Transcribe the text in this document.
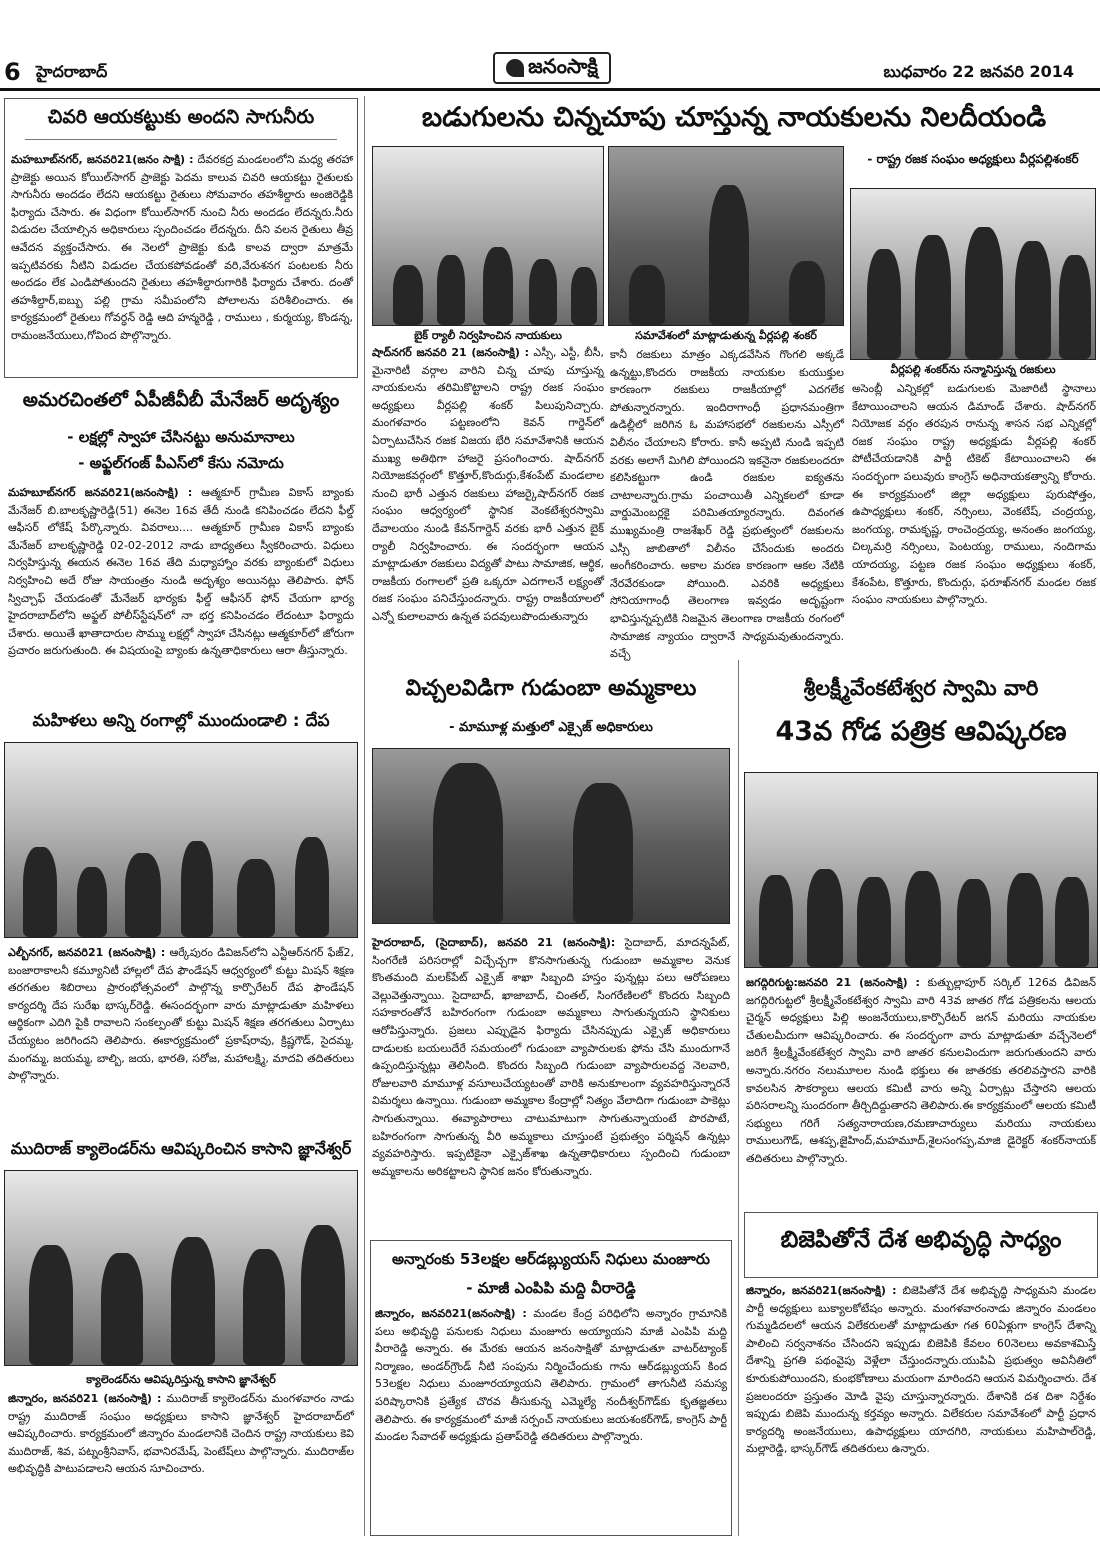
6 హైదరాబాద్	జనంసాక్షి	బుధవారం 22 జనవరి 2014
చివరి ఆయకట్టుకు అందని సాగునీరు
మహబూబ్‌నగర్, జనవరి21(జనం సాక్షి) : దేవరకద్ర మండలంలోని మధ్య తరహా ప్రాజెక్టు అయిన కోయిల్‌సాగర్ ప్రాజెక్టు పెదమ కాలువ చివరి ఆయకట్టు రైతులకు సాగునీరు అందడం లేదని ఆయకట్టు రైతులు సోమవారం తహశీల్దారు అంజిరెడ్డికి ఫిర్యాదు చేసారు. ఈ విధంగా కోయిల్‌సాగర్ నుంచి నీరు అందడం లేదన్నరు.నీరు విడుదల చేయాల్సిన అధికారులు స్పందించడం లేదన్నరు. దీని వలన రైతులు తీవ్ర ఆవేదన వ్యక్తంచేసారు. ఈ నెలలో ప్రాజెక్టు కుడి కాలవ ద్వారా మాత్రమే ఇప్పటివరకు నీటిని విడుదల చేయకపోవడంతో వరి,వేరుశనగ పంటలకు నీరు అందడం లేక ఎండిపోతుందని రైతులు తహశీల్దారుగారికి ఫిర్యాదు చేశారు. దంతో తహశీల్దార్,ఐబ్బు పల్లి గ్రామ సమీపంలోని పోలాలను పరిశీలించారు. ఈ కార్యక్రమంలో రైతులు గోవర్ధన్ రెడ్డి ఆది హన్మరెడ్డి , రాములు , కుర్మయ్య, కొండన్న, రామంజనేయులు,గోవింద పొల్గొన్నారు.
అమరచింతలో ఏపీజీవీబీ మేనేజర్ అదృశ్యం
- లక్షల్లో స్వాహా చేసినట్టు అనుమానాలు
- అఫ్జల్‌గంజ్ పీఎస్‌లో కేసు నమోదు
మహబూబ్‌నగర్ జనవరి21(జనంసాక్షి) : ఆత్మకూర్ గ్రామీణ వికాస్ బ్యాంకు మేనేజర్ బి.బాలకృష్ణారెడ్డి(51) ఈనెల 16వ తేదీ నుండి కనిపించడం లేదని ఫీల్డ్ ఆఫీసర్ లోకేష్ పేర్కొన్నారు. వివరాలు.... ఆత్మకూర్ గ్రామీణ వికాస్ బ్యాంకు మేనేజర్ బాలకృష్ణారెడ్డి 02-02-2012 నాడు బాధ్యతలు స్వీకరించారు. విధులు నిర్వహిస్తున్న ఈయన ఈనెల 16వ తేది మధ్యాహ్నాం వరకు బ్యాంకులో విధులు నిర్వహించి అదే రోజు సాయంత్రం నుండి అదృశ్యం అయినట్లు తెలిపారు. ఫోన్ స్విచ్చాఫ్ చేయడంతో మేనేజర్ భార్యకు ఫీల్డ్ ఆఫీసర్ ఫోన్ చేయగా భార్య హైదరాబాద్‌లోని అఫ్జల్ పోలీస్‌స్టేషన్‌లో నా భర్త కనిపించడం లేదంటూ ఫిర్యాదు చేశారు. అయితే ఖాతాదారుల సొమ్ము లక్షల్లో స్వాహా చేసినట్లు ఆత్మకూర్‌లో జోరుగా ప్రచారం జరుగుతుంది. ఈ విషయంపై బ్యాంకు ఉన్నతాధికారులు ఆరా తీస్తున్నారు.
మహిళలు అన్ని రంగాల్లో ముందుండాలి : దేప
ఎల్బీనగర్, జనవరి21 (జనంసాక్షి) : ఆర్కేపురం డివిజన్‌లోని ఎన్టీఆర్‌నగర్ ఫేజ్2, బంజారాకాలనీ కమ్యూనిటీ హాల్లలో దేప ఫౌండేషన్ ఆధ్వర్యంలో కుట్టు మిషన్ శిక్షణ తరగతుల శిబిరాలు ప్రారంభోత్సవంలో పాల్గొన్న కార్పొరేటర్ దేప ఫౌండేషన్ కార్యదర్శి దేప సురేఖ భాస్కర్‌రెడ్డి. ఈసందర్భంగా వారు మాట్లాడుతూ మహిళలు ఆర్థికంగా ఎదిగి పైకి రావాలని సంకల్పంతో కుట్టు మిషన్ శిక్షణ తరగతులు ఏర్పాటు చేయ్యటం జరిగిందని తెలిపారు. ఈకార్యక్రమంలో ప్రకాష్‌రావు, క్రిష్ణగౌడ్, సైదమ్మ, మంగమ్మ, జయమ్మ, బాల్బి, జయ, భారతి, సరోజ, మహాలక్ష్మి, మాదవి తదితరులు పాల్గొన్నారు.
ముదిరాజ్ క్యాలెండర్‌ను ఆవిష్కరించిన కాసాని జ్ఞానేశ్వర్
క్యాలెండర్‌ను ఆవిష్కరిస్తున్న కాసాని జ్ఞానేశ్వర్
జిన్నారం, జనవరి21 (జనంసాక్షి) : ముదిరాజ్ క్యాలెండర్‌ను మంగళవారం నాడు రాష్ట్ర ముదిరాజ్ సంఘం అధ్యక్షులు కాసాని జ్ఞానేశ్వర్ హైదరాబాద్‌లో ఆవిష్కరించారు. కార్యక్రమంలో జిన్నారం మండలానికి చెందిన రాష్ట్ర నాయకులు కెవి ముదిరాజ్, శివ, పట్నంశ్రీనివాస్, భవానిరమేష్, పెంటేష్‌లు పాల్గొన్నారు. ముదిరాజ్‌ల అభివృద్ధికి పాటుపడాలని ఆయన సూచించారు.
బడుగులను చిన్నచూపు చూస్తున్న నాయకులను నిలదీయండి
- రాష్ట్ర రజక సంఘం అధ్యక్షులు వీర్లపల్లిశంకర్
బైక్ ర్యాలీ నిర్వహించిన నాయకులు	సమావేశంలో మాట్లాడుతున్న వీర్లపల్లి శంకర్
వీర్లపల్లి శంకర్‌ను సన్మానిస్తున్న రజకులు
షాద్‌నగర్ జనవరి 21 (జనంసాక్షి) : ఎస్సీ, ఎస్టీ, బీసీ, మైనారిటీ వర్గాల వారిని చిన్న చూపు చూస్తున్న నాయకులను తరిమికొట్టాలని రాష్ట్ర రజక సంఘం అధ్యక్షులు వీర్లపల్లి శంకర్ పిలుపునిచ్చారు. మంగళవారం పట్టణంలోని కెవన్ గార్డెన్‌లో ఏర్పాటుచేసిన రజక విజయ భేరి సమావేశానికి ఆయన ముఖ్య అతిథిగా హాజరై ప్రసంగించారు. షాద్‌నగర్ నియోజకవర్గంలో కొత్తూర్,కొందుర్గు,కేశంపేట్ మండలాల నుంచి భారీ ఎత్తున రజకులు హాజర్కైషాద్‌నగర్ రజక సంఘం ఆధ్వర్యంలో స్థానిక వెంకటేశ్వరస్వామి దేవాలయం నుండి కేవన్‌గార్డెన్ వరకు భారీ ఎత్తున బైక్ ర్యాలీ నిర్వహించారు. ఈ సందర్భంగా ఆయన మాట్లాడుతూ రజకులు విద్యతో పాటు సామాజిక, ఆర్థిక, రాజకీయ రంగాలలో ప్రతి ఒక్కరూ ఎదగాలనే లక్ష్యంతో రజక సంఘం పనిచేస్తుందన్నారు. రాష్ట్ర రాజకీయాలలో ఎన్నో కులాలవారు ఉన్నత పదవులుపొందుతున్నారు
కానీ రజకులు మాత్రం ఎక్కడవేసిన గొంగలి అక్కడే ఉన్నట్టు,కొందరు రాజకీయ నాయకుల కుయుక్తుల కారణంగా రజకులు రాజకీయాల్లో ఎదగలేక పోతున్నారన్నారు. ఇందిరాగాంధీ ప్రధానమంత్రిగా ఉడిల్లీలో జరిగిన ఓ మహాసభలో రజకులను ఎస్సీలో విలీనం చేయాలని కోరారు. కానీ అప్పటి నుండి ఇప్పటి వరకు అలాగే మిగిలి పోయిందని ఇకనైనా రజకులందరూ కలిసికట్టుగా ఉండి రజకుల ఐక్యతను చాటాలన్నారు.గ్రామ పంచాయితీ ఎన్నికలలో కూడా వార్డుమెంబర్లకై పరిమితయ్యారన్నారు. దివంగత ముఖ్యమంత్రి రాజశేఖర్ రెడ్డి ప్రభుత్వంలో రజకులను ఎస్సీ జాబితాలో విలీనం చేసేందుకు అందరు అంగీకరించారు. అకాల మరణ కారణంగా ఆకల నేటికి నేరవేరకుండా పోయింది. ఎవరికి అధ్యక్షులు సోనియాగాంధీ తెలంగాణ ఇవ్వడం అదృష్టంగా భావిస్తున్నప్పటికి నిజమైన తెలంగాణ రాజకీయ రంగంలో సామాజిక న్యాయం ద్వారానే సాధ్యమవుతుందన్నారు. వచ్చే
అసెంబ్లీ ఎన్నికల్లో బడుగులకు మెజారిటీ స్థానాలు కేటాయించాలని ఆయన డిమాండ్ చేశారు. షాద్‌నగర్ నియోజక వర్గం తరపున రానున్న శాసన సభ ఎన్నికల్లో రజక సంఘం రాష్ట్ర అధ్యక్షుడు వీర్లపల్లి శంకర్ పోటీచేయడానికి పార్టీ టికెట్ కేటాయించాలని ఈ సందర్భంగా పలువురు కాంగ్రెస్ అధినాయకత్వాన్ని కోరారు. ఈ కార్యక్రమంలో జిల్లా అధ్యక్షులు పురుషోత్తం, ఉపాధ్యక్షులు శంకర్, నర్సింలు, వెంకటేష్, చంద్రయ్య, జంగయ్య, రామకృష్ణ, రాంచెంద్రయ్య, అనంతం జంగయ్య, చిల్కమర్రి నర్సింలు, పెంటయ్య, రాములు, నందిగామ యాదయ్య, పట్టణ రజక సంఘం అధ్యక్షులు శంకర్, కేశంపేట, కొత్తూరు, కొందుర్గు, ఫరూఖ్‌నగర్ మండల రజక సంఘం నాయకులు పాల్గొన్నారు.
విచ్చలవిడిగా గుడుంబా అమ్మకాలు
- మామూళ్ల మత్తులో ఎక్సైజ్ అధికారులు
హైదరాబాద్, (సైదాబాద్), జనవరి 21 (జనంసాక్షి): సైదాబాద్, మాదన్నపేట్, సింగరేణి పరిసరాల్లో విచ్చేచ్చగా కొనసాగుతున్న గుడుంబా అమ్మకాల వెనుక కొంతమంది మలక్‌పేట్ ఎక్సైజ్ శాఖా సిబ్బంది హస్తం పున్నట్లు పలు ఆరోపణలు వెల్లువెత్తున్నాయి. సైదాబాద్, ఖాజాబాద్, చింతల్, సింగరేణిలలో కొందరు సిబ్బంది సహకారంతోనే బహిరంగంగా గుడుంబా అమ్మకాలు సాగుతున్నయని స్థానికులు ఆరోపిస్తున్నారు. ప్రజలు ఎప్పుడైన ఫిర్యాదు చేసినప్పుడు ఎక్సైజ్ అధికారులు దాడులకు బయలుదేరే సమయంలో గుడుంబా వ్యాపారులకు ఫోను చేసి ముందుగానే ఉప్పందిస్తున్నట్లు తెలిసింది. కొందరు సిబ్బంది గుడుంబా వ్యాపారులవద్ద నెలవారి, రోజులవారి మామూళ్ల వసూలుచేయ్యటంతో వారికి అనుకూలంగా వ్యవహరిస్తున్నారనే విమర్శలు ఉన్నాయి. గుడుంబా అమ్మకాల కేంద్రాల్లో నిత్యం వేలాదిగా గుడుంబా పాకెట్లు సాగుతున్నాయి. ఈవ్యాపారాలు చాటుమాటుగా సాగుతున్నాయంటే పొరపాటే, బహిరంగంగా సాగుతున్న వీరి అమ్మకాలు చూస్తుంటే ప్రభుత్వం పర్మిషన్ ఉన్నట్లు వ్యవహరిస్తారు. ఇప్పటికైనా ఎక్సైజ్‌శాఖ ఉన్నతాధికారులు స్పందించి గుడుంబా అమ్మకాలను అరికట్టాలని స్థానిక జనం కోరుతున్నారు.
అన్నారంకు 53లక్షల ఆర్‌డబ్ల్యుయస్ నిధులు మంజూరు
- మాజీ ఎంపిపి మద్ది వీరారెడ్డి
జిన్నారం, జనవరి21(జనంసాక్షి) : మండల కేంద్ర పరిధిలోని అన్నారం గ్రామానికి పలు అభివృద్ధి పనులకు నిధులు మంజూరు అయ్యాయని మాజీ ఎంపిపి మద్ది వీరారెడ్డి అన్నారు. ఈ మేరకు ఆయన జనంసాక్షితో మాట్లాడుతూ వాటర్‌ట్యాంక్ నిర్మాణం, అండర్‌గ్రౌండ్ నీటి సంపును నిర్మించేందుకు గాను ఆర్‌డబ్ల్యుయస్ కింద 53లక్షల నిధులు మంజూరయ్యాయని తెలిపారు. గ్రామంలో తాగునీటి సమస్య పరిష్కారానికి ప్రత్యేక చొరవ తీసుకున్న ఎమ్మెల్యే నందీశ్వర్‌గౌడ్‌కు కృతజ్ఞతలు తెలిపారు. ఈ కార్యక్రమంలో మాజీ సర్పంచ్ నాయకులు జయశంకర్‌గౌడ్, కాంగ్రెస్ పార్టీ మండల సేవాదళ్ అధ్యక్షుడు ప్రతాప్‌రెడ్డి తదితరులు పాల్గొన్నారు.
శ్రీలక్ష్మీవేంకటేశ్వర స్వామి వారి
43వ గోడ పత్రిక ఆవిష్కరణ
జగద్గిరిగుట్ట:జనవరి 21 (జనంసాక్షి) : కుత్బుల్లాపూర్ సర్కిల్ 126వ డివిజన్ జగద్గిరిగుట్టలో శ్రీలక్ష్మీవేంకటేశ్వర స్వామి వారి 43వ జాతర గోడ పత్రికలను ఆలయ చైర్మన్ అధ్యక్షులు పిల్లి అంజనేయులు,కార్పొరేటర్ జగన్ మరియు నాయకుల చేతులమీదుగా ఆవిష్కరించారు. ఈ సందర్భంగా వారు మాట్లాడుతూ వచ్చేనెలలో జరిగే శ్రీలక్ష్మీవేంకటేశ్వర స్వామి వారి జాతర కనులవిందుగా జరుగుతుందని వారు అన్నారు.నగరం నలుమూలల నుండి భక్తులు ఈ జాతరకు తరలివస్తారని వారికి కావలసిన సౌకర్యాలు ఆలయ కమిటీ వారు అన్ని ఏర్పాట్లు చేస్తారని ఆలయ పరిసరాలన్ని సుందరంగా తీర్చిదిద్దుతారని తెలిపారు.ఈ కార్యక్రమంలో ఆలయ కమిటీ సభ్యులు గరిగే సత్యనారాయణ,రమణాచార్యులు మరియు నాయకులు రాములుగౌడ్, ఆశప్ప,జైహింద్,మహమూద్,శైలసంగప్ప,మాజి డైరెక్టర్ శంకర్‌నాయక్ తదితరులు పాల్గొన్నారు.
బిజెపితోనే దేశ అభివృద్ధి సాధ్యం
జిన్నారం, జనవరి21(జనంసాక్షి) : బిజెపితోనే దేశ అభివృద్ధి సాధ్యమని మండల పార్టీ అధ్యక్షులు బుక్యాలకోటేషం అన్నారు. మంగళవారంనాడు జిన్నారం మండలం గుమ్మడిదలలో ఆయన విలేకరులతో మాట్లాడుతూ గత 60ఏళ్లుగా కాంగ్రెస్ దేశాన్ని పాలించి సర్వనాశనం చేసిందని ఇప్పుడు బిజెపికి కేవలం 60నెలలు అవకాశమిస్తే దేశాన్ని ప్రగతి పథంవైపు వెళ్లేలా చేస్తుందన్నారు.యుపిఏ ప్రభుత్వం అవినీతిలో కూరుకుపోయిందని, కుంభకోణాలు మయంగా మారిందని ఆయన విమర్శించారు. దేశ ప్రజలందరూ ప్రస్తుతం మోడి వైపు చూస్తున్నారన్నారు. దేశానికి దశ దిశా నిర్దేశం ఇప్పుడు బిజెపి ముందున్న కర్తవ్యం అన్నారు. విలేకరుల సమావేశంలో పార్టీ ప్రధాన కార్యదర్శి అంజనేయులు, ఉపాధ్యక్షులు యాదగిరి, నాయకులు మహిపాల్‌రెడ్డి, మల్లారెడ్డి, భాస్కర్‌గౌడ్ తదితరులు ఉన్నారు.
